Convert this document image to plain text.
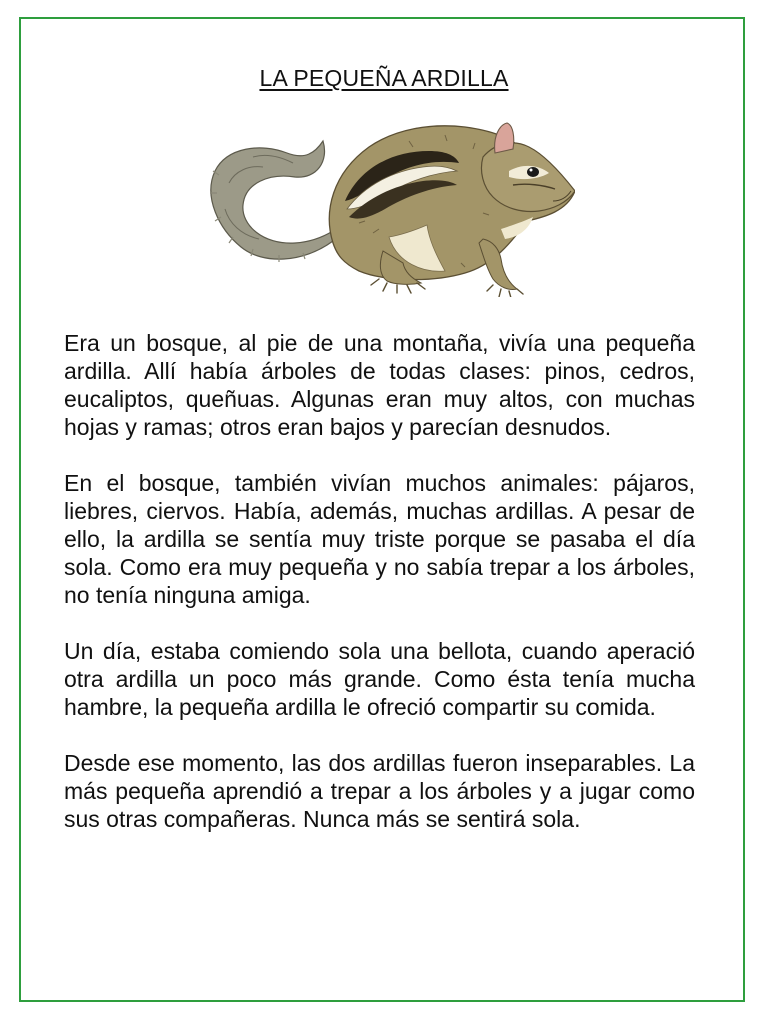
LA PEQUEÑA ARDILLA

Era un bosque, al pie de una montaña, vivía una pequeña ardilla. Allí había árboles de todas clases: pinos, cedros, eucaliptos, queñuas. Algunas eran muy altos, con muchas hojas y ramas; otros eran bajos y parecían desnudos.

En el bosque, también vivían muchos animales: pájaros, liebres, ciervos. Había, además, muchas ardillas. A pesar de ello, la ardilla se sentía muy triste porque se pasaba el día sola. Como era muy pequeña y no sabía trepar a los árboles, no tenía ninguna amiga.

Un día, estaba comiendo sola una bellota, cuando aperació otra ardilla un poco más grande. Como ésta tenía mucha hambre, la pequeña ardilla le ofreció compartir su comida.

Desde ese momento, las dos ardillas fueron inseparables. La más pequeña aprendió a trepar a los árboles y a jugar como sus otras compañeras. Nunca más se sentirá sola.
